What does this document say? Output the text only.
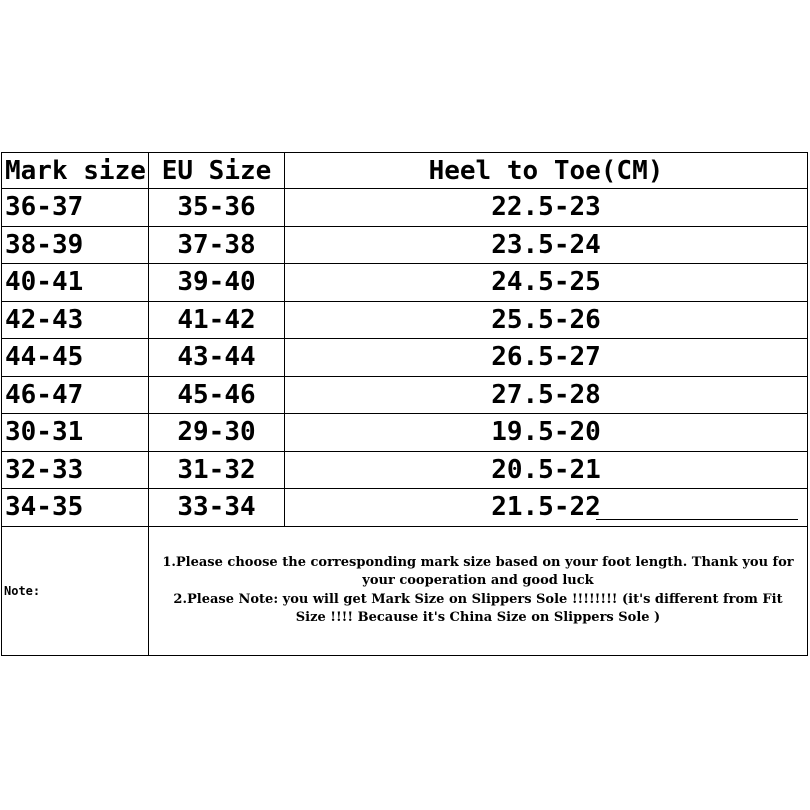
Mark size	EU Size	Heel to Toe(CM)
36-37	35-36	22.5-23
38-39	37-38	23.5-24
40-41	39-40	24.5-25
42-43	41-42	25.5-26
44-45	43-44	26.5-27
46-47	45-46	27.5-28
30-31	29-30	19.5-20
32-33	31-32	20.5-21
34-35	33-34	21.5-22
Note:	1.Please choose the corresponding mark size based on your foot length. Thank you for your cooperation and good luck
2.Please Note: you will get Mark Size on Slippers Sole !!!!!!!! (it's different from Fit Size !!!! Because it's China Size on Slippers Sole )	
